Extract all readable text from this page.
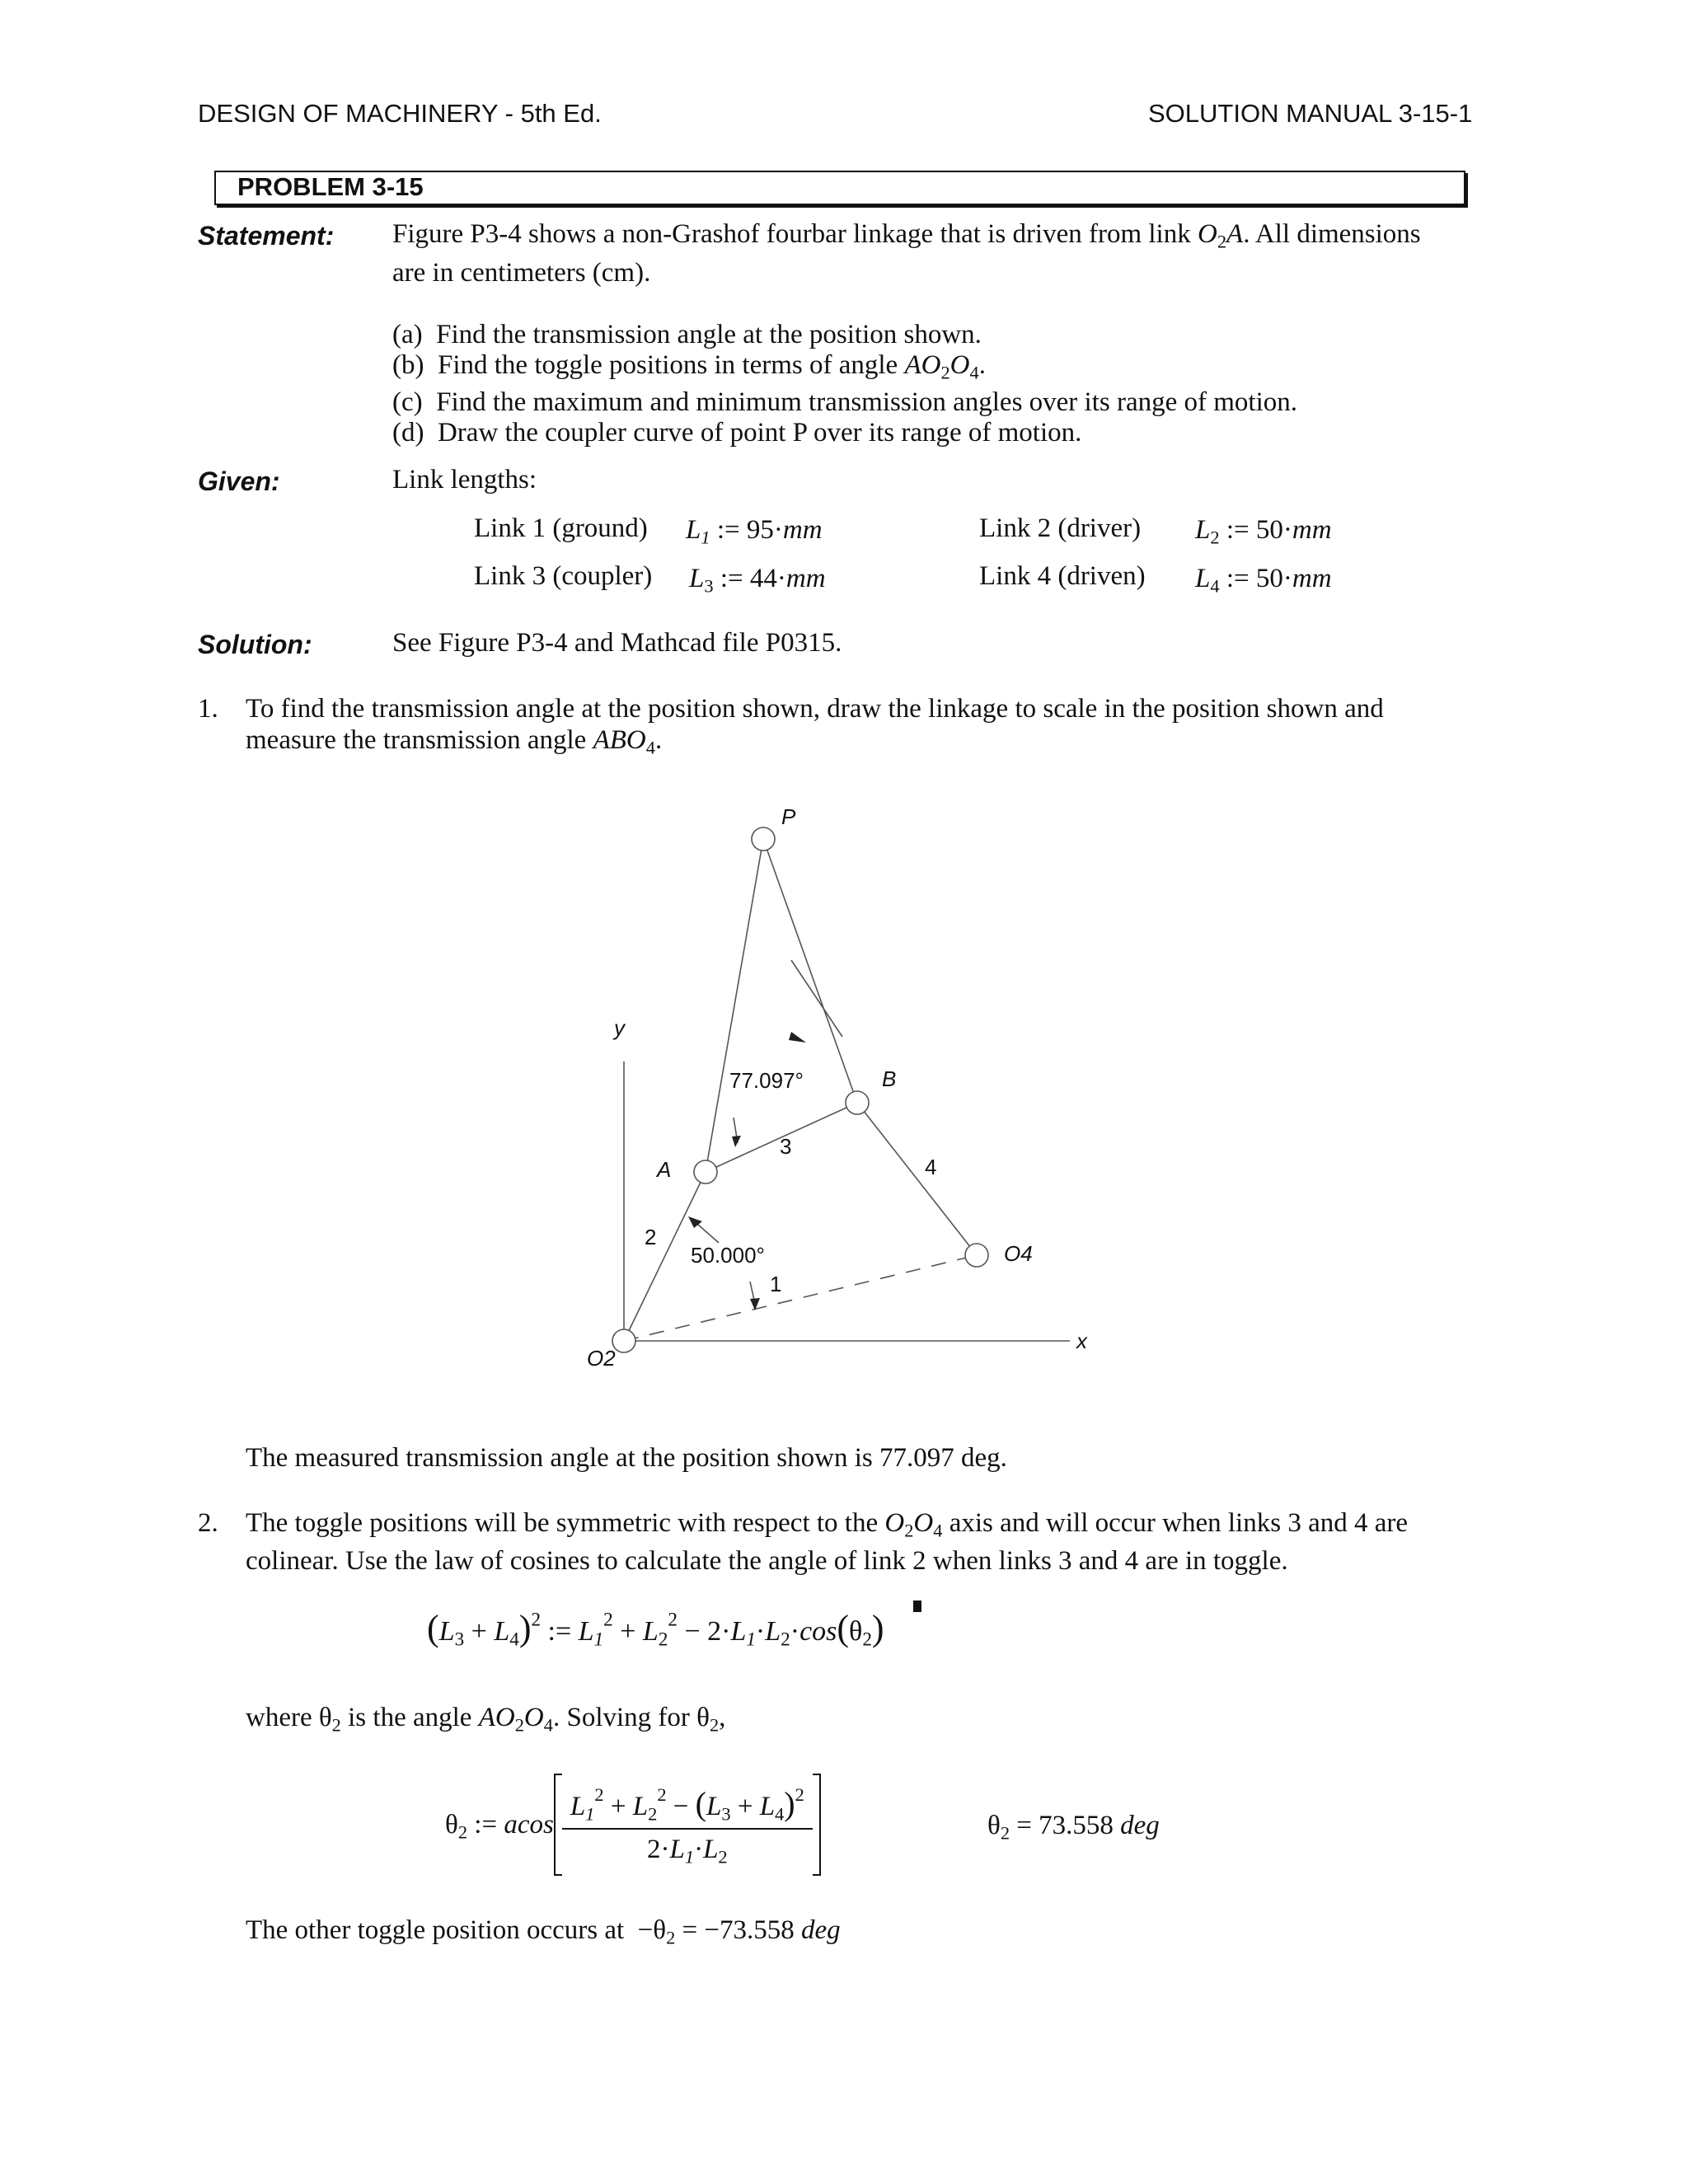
DESIGN OF MACHINERY - 5th Ed.	SOLUTION MANUAL 3-15-1
PROBLEM 3-15
Statement: Figure P3-4 shows a non-Grashof fourbar linkage that is driven from link $O_2A$. All dimensions
are in centimeters (cm).
(a)  Find the transmission angle at the position shown.
(b)  Find the toggle positions in terms of angle $AO_2O_4$.
(c)  Find the maximum and minimum transmission angles over its range of motion.
(d)  Draw the coupler curve of point P over its range of motion.
Given:	Link lengths:
Link 1 (ground) $L_1$ := 95·mm	Link 2 (driver) $L_2$ := 50·mm
Link 3 (coupler) $L_3$ := 44·mm	Link 4 (driven) $L_4$ := 50·mm
Solution:	See Figure P3-4 and Mathcad file P0315.
1. To find the transmission angle at the position shown, draw the linkage to scale in the position shown and
measure the transmission angle $ABO_4$.
P
B
A
O4
O2
y
x
2
3
4
1
77.097°
50.000°
The measured transmission angle at the position shown is 77.097 deg.
2. The toggle positions will be symmetric with respect to the $O_2O_4$ axis and will occur when links 3 and 4 are
colinear. Use the law of cosines to calculate the angle of link 2 when links 3 and 4 are in toggle.
$(L_3 + L_4)^2$ := $L_1^2 + L_2^2 - 2\cdot L_1\cdot L_2\cdot\cos(\theta_2)$
where $\theta_2$ is the angle $AO_2O_4$. Solving for $\theta_2$,
$\theta_2$ := acos $\frac{L_1^2 + L_2^2 - (L_3 + L_4)^2}{2\cdot L_1\cdot L_2}$	$\theta_2 = 73.558$ deg
The other toggle position occurs at  $-\theta_2 = -73.558$ deg
